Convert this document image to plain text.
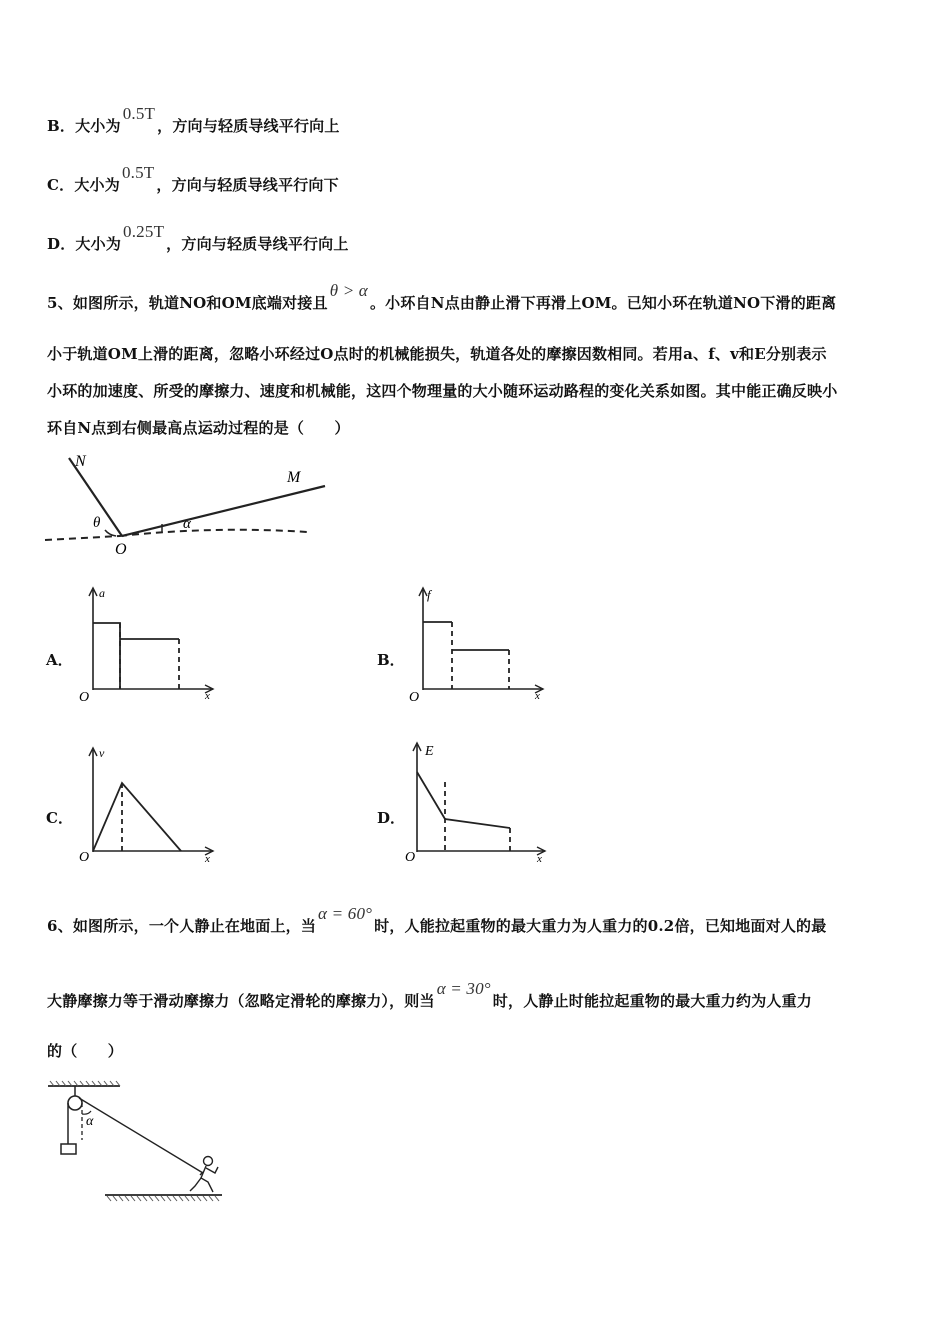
B．大小为0.5T，方向与轻质导线平行向上
C．大小为0.5T，方向与轻质导线平行向下
D．大小为0.25T，方向与轻质导线平行向上
5、如图所示，轨道NO和OM底端对接且θ > α。小环自N点由静止滑下再滑上OM。已知小环在轨道NO下滑的距离
小于轨道OM上滑的距离，忽略小环经过O点时的机械能损失，轨道各处的摩擦因数相同。若用a、f、v和E分别表示
小环的加速度、所受的摩擦力、速度和机械能，这四个物理量的大小随环运动路程的变化关系如图。其中能正确反映小
环自N点到右侧最高点运动过程的是（　　）
N
M
O
θ	α
A．
a
x
O
B．
f
x
O
C．
v
x
O
D．
E
x
O
6、如图所示，一个人静止在地面上，当α = 60°时，人能拉起重物的最大重力为人重力的0.2倍，已知地面对人的最
大静摩擦力等于滑动摩擦力（忽略定滑轮的摩擦力），则当α = 30°时，人静止时能拉起重物的最大重力约为人重力
的（　　）
α
